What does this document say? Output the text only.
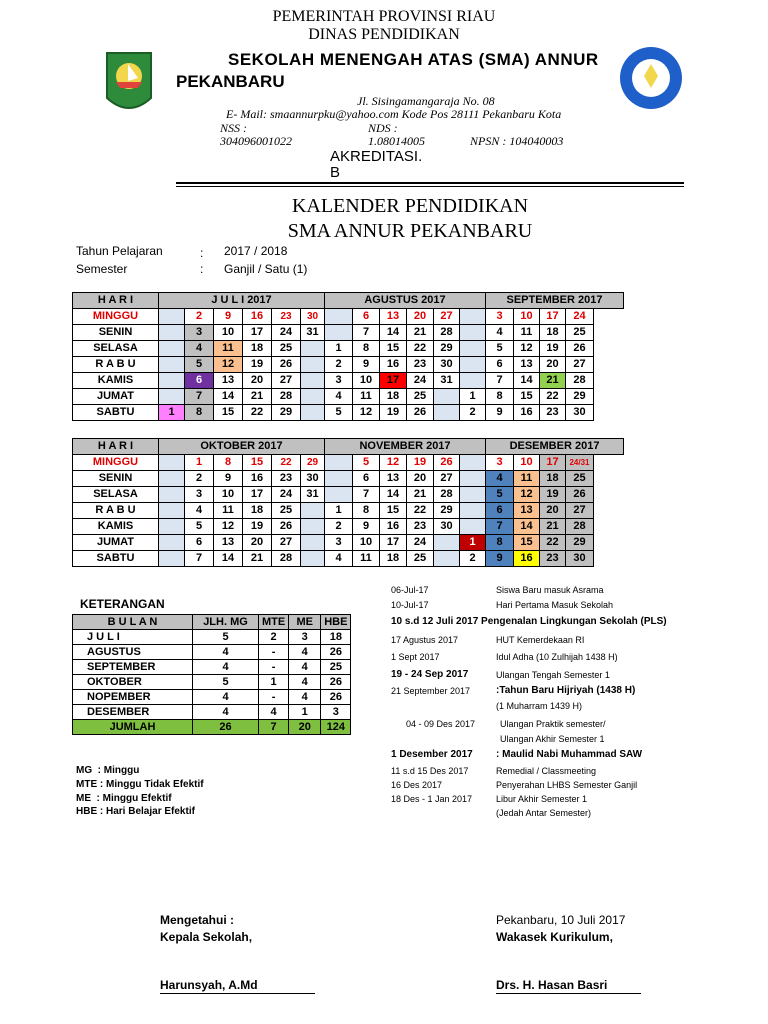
PEMERINTAH PROVINSI RIAU
DINAS PENDIDIKAN
SEKOLAH MENENGAH ATAS (SMA) ANNUR
PEKANBARU
Jl. Sisingamangaraja No. 08
E- Mail: smaannurpku@yahoo.com Kode Pos 28111 Pekanbaru Kota
NSS :	NDS :
304096001022	1.08014005	NPSN : 104040003
AKREDITASI.
B
KALENDER PENDIDIKAN
SMA ANNUR PEKANBARU
Tahun Pelajaran	: 2017 / 2018
Semester	: Ganjil / Satu (1)
H A R I	J U L I 2017						AGUSTUS 2017						SEPTEMBER 2017			
MINGGU		2	9	16	23	30		6	13	20	27		3	10	17	24
SENIN		3	10	17	24	31		7	14	21	28		4	11	18	25
SELASA		4	11	18	25		1	8	15	22	29		5	12	19	26
R A B U		5	12	19	26		2	9	16	23	30		6	13	20	27
KAMIS		6	13	20	27		3	10	17	24	31		7	14	21	28
JUMAT		7	14	21	28		4	11	18	25		1	8	15	22	29
SABTU	1	8	15	22	29		5	12	19	26		2	9	16	23	30
H A R I	OKTOBER 2017						NOVEMBER 2017						DESEMBER 2017			
MINGGU		1	8	15	22	29		5	12	19	26		3	10	17	24/31
SENIN		2	9	16	23	30		6	13	20	27		4	11	18	25
SELASA		3	10	17	24	31		7	14	21	28		5	12	19	26
R A B U		4	11	18	25		1	8	15	22	29		6	13	20	27
KAMIS		5	12	19	26		2	9	16	23	30		7	14	21	28
JUMAT		6	13	20	27		3	10	17	24		1	8	15	22	29
SABTU		7	14	21	28		4	11	18	25		2	9	16	23	30
KETERANGAN
B U L A N	JLH. MG	MTE	ME	HBE
J U L I	5	2	3	18
AGUSTUS	4	-	4	26
SEPTEMBER	4	-	4	25
OKTOBER	5	1	4	26
NOPEMBER	4	-	4	26
DESEMBER	4	4	1	3
JUMLAH	26	7	20	124
MG  : Minggu
MTE : Minggu Tidak Efektif
ME  : Minggu Efektif
HBE : Hari Belajar Efektif
06-Jul-17	Siswa Baru masuk Asrama
10-Jul-17	Hari Pertama Masuk Sekolah
10 s.d 12 Juli 2017 Pengenalan Lingkungan Sekolah (PLS)
17 Agustus 2017	HUT Kemerdekaan RI
1 Sept 2017	Idul Adha (10 Zulhijah 1438 H)
19 - 24 Sep 2017	Ulangan Tengah Semester 1
21 September 2017	:Tahun Baru Hijriyah (1438 H)
(1 Muharram 1439 H)
04 - 09 Des 2017	Ulangan Praktik semester/
Ulangan Akhir Semester 1
1 Desember 2017 : Maulid Nabi Muhammad SAW
11 s.d 15 Des 2017	Remedial / Classmeeting
16 Des 2017	Penyerahan LHBS Semester Ganjil
18 Des - 1 Jan 2017	Libur Akhir Semester 1
(Jedah Antar Semester)
Mengetahui :
Kepala Sekolah,
Harunsyah, A.Md
Pekanbaru, 10 Juli 2017
Wakasek Kurikulum,
Drs. H. Hasan Basri
